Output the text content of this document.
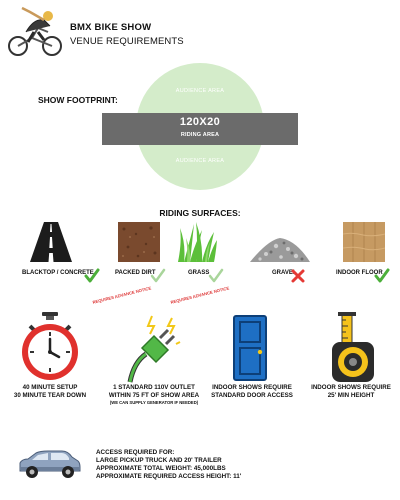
BMX BIKE SHOW
VENUE REQUIREMENTS
SHOW FOOTPRINT:
AUDIENCE AREA
120X20
RIDING AREA
AUDIENCE AREA
RIDING SURFACES:
BLACKTOP / CONCRETE	PACKED DIRT
REQUIRES ADVANCE NOTICE
GRASS
REQUIRES ADVANCE NOTICE
GRAVEL	INDOOR FLOOR
40 MINUTE SETUP
30 MINUTE TEAR DOWN
1 STANDARD 110V OUTLET
WITHIN 75 FT OF SHOW AREA
(WE CAN SUPPLY GENERATOR IF NEEDED)
INDOOR SHOWS REQUIRE
STANDARD DOOR ACCESS
INDOOR SHOWS REQUIRE
25' MIN HEIGHT
ACCESS REQUIRED FOR:
LARGE PICKUP TRUCK AND 20' TRAILER
APPROXIMATE TOTAL WEIGHT: 45,000LBS
APPROXIMATE REQUIRED ACCESS HEIGHT: 11'
